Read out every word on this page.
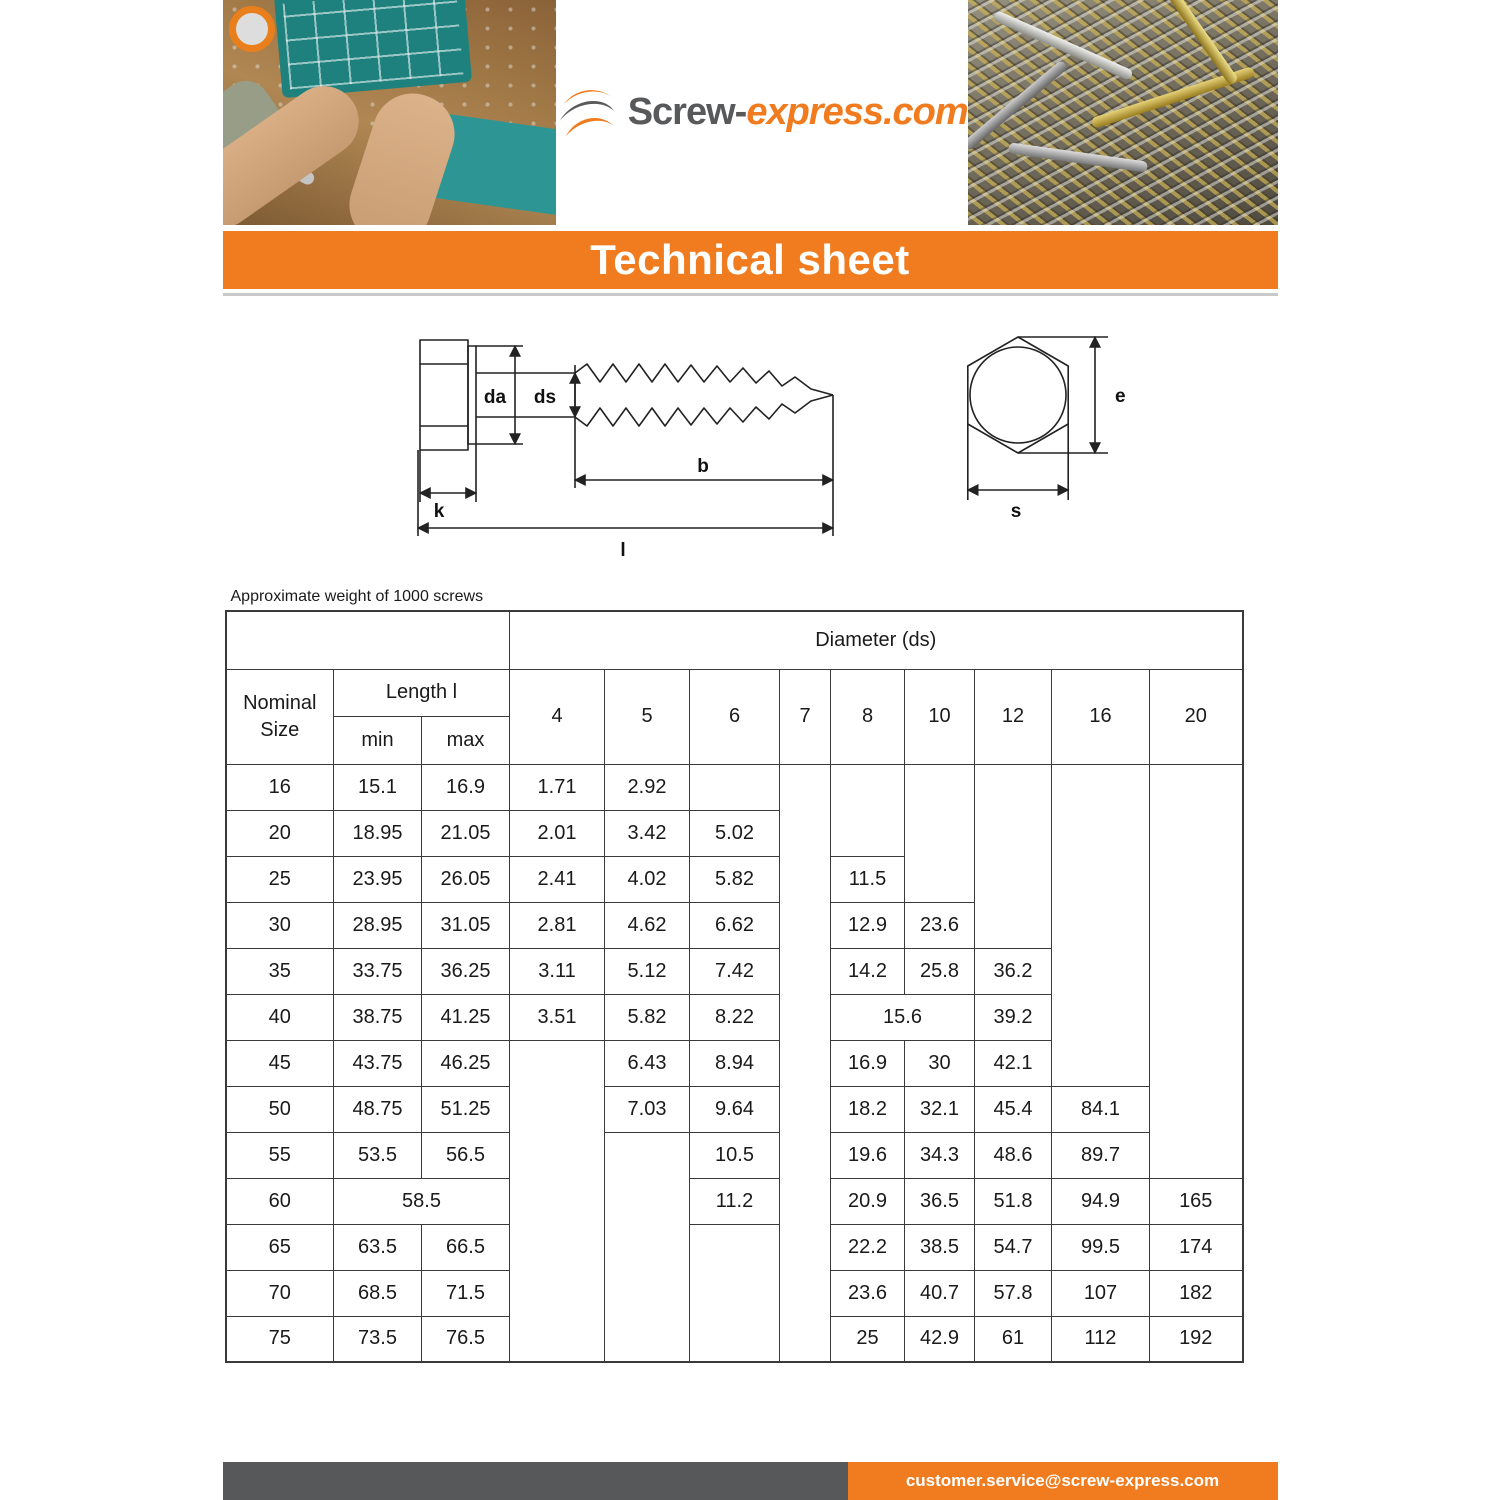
Screw-express.com
Technical sheet
da ds
k
b
l
e
s
Approximate weight of 1000 screws
			Diameter (ds)								

Nominal
Size	Length l		4	5	6	7	8	10	12	16	20
	min	max									
16	15.1	16.9	1.71	2.92							
20	18.95	21.05	2.01	3.42	5.02						
25	23.95	26.05	2.41	4.02	5.82		11.5				
30	28.95	31.05	2.81	4.62	6.62		12.9	23.6			
35	33.75	36.25	3.11	5.12	7.42		14.2	25.8	36.2		
40	38.75	41.25	3.51	5.82	8.22		15.6		39.2		
45	43.75	46.25		6.43	8.94		16.9	30	42.1		
50	48.75	51.25		7.03	9.64		18.2	32.1	45.4	84.1	
55	53.5	56.5			10.5		19.6	34.3	48.6	89.7	
60	58.5				11.2		20.9	36.5	51.8	94.9	165
65	63.5	66.5					22.2	38.5	54.7	99.5	174
70	68.5	71.5					23.6	40.7	57.8	107	182
75	73.5	76.5					25	42.9	61	112	192
customer.service@screw-express.com
